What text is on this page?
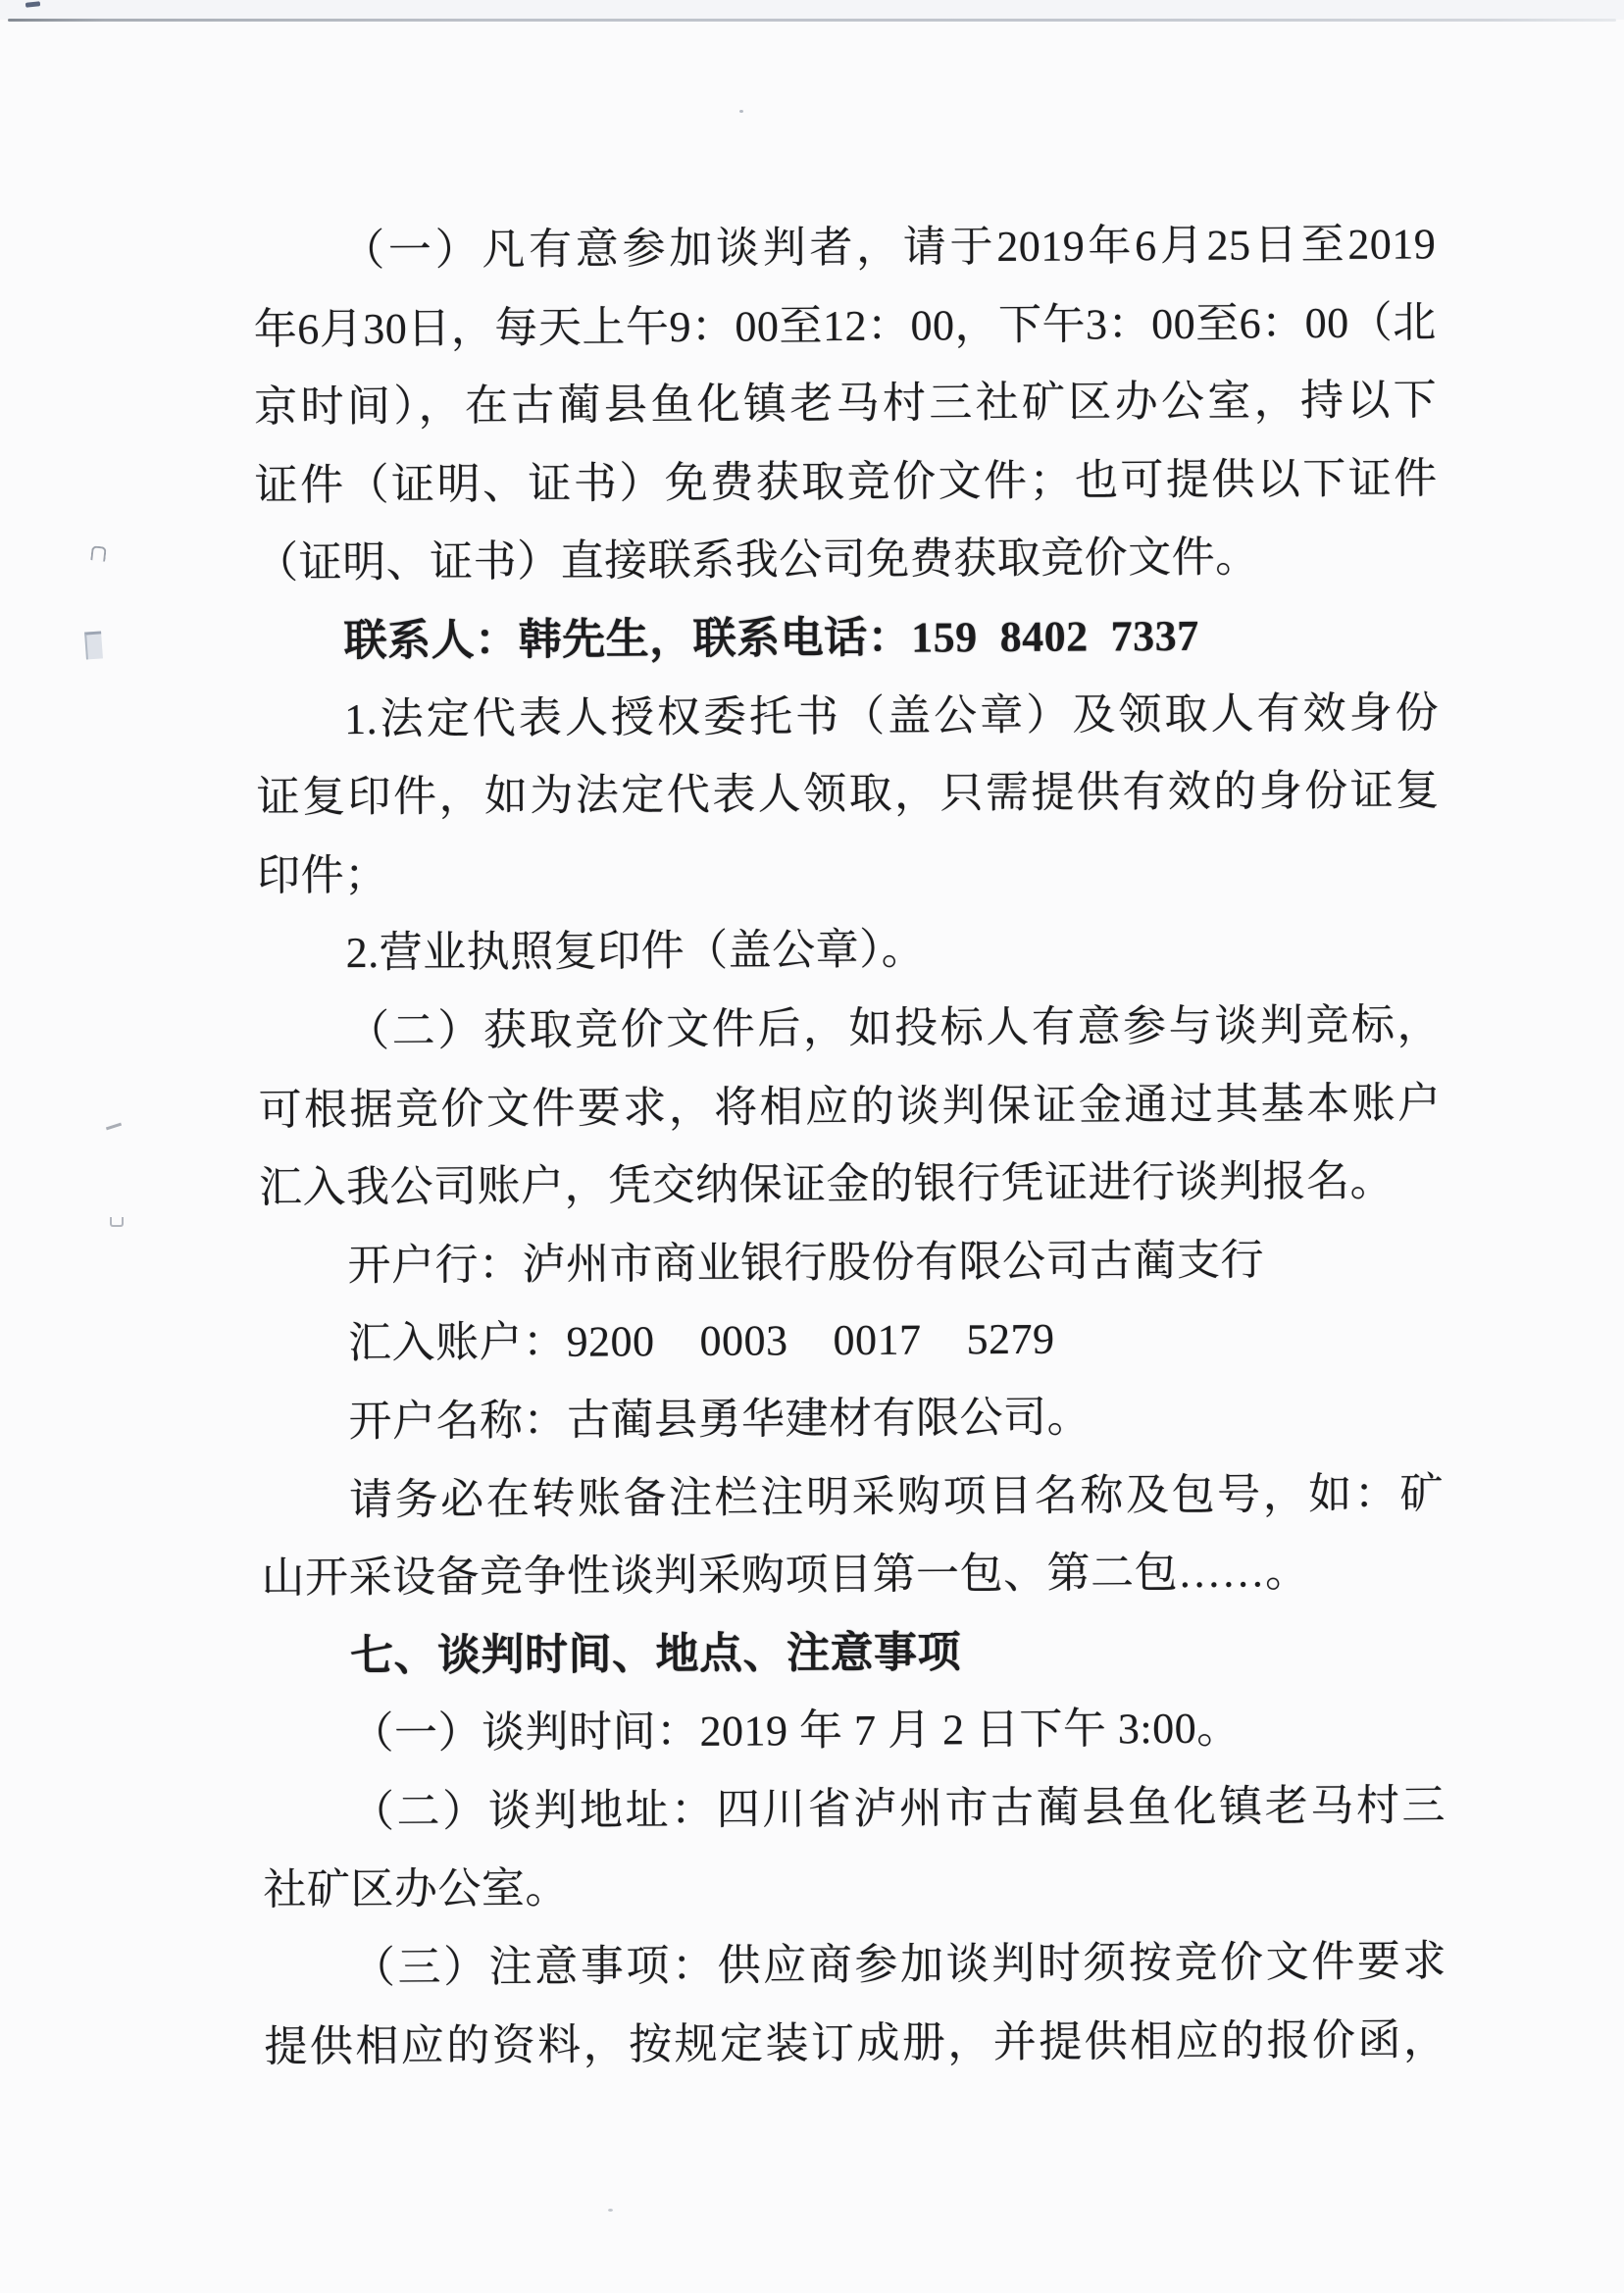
（一）凡有意参加谈判者，请于2019年6月25日至2019
年6月30日，每天上午9：00至12：00，下午3：00至6：00（北
京时间），在古蔺县鱼化镇老马村三社矿区办公室，持以下
证件（证明、证书）免费获取竞价文件；也可提供以下证件
（证明、证书）直接联系我公司免费获取竞价文件。
联系人：韩先生，联系电话：159  8402  7337
1.法定代表人授权委托书（盖公章）及领取人有效身份
证复印件，如为法定代表人领取，只需提供有效的身份证复
印件；
2.营业执照复印件（盖公章）。
（二）获取竞价文件后，如投标人有意参与谈判竞标，
可根据竞价文件要求，将相应的谈判保证金通过其基本账户
汇入我公司账户，凭交纳保证金的银行凭证进行谈判报名。
开户行：泸州市商业银行股份有限公司古蔺支行
汇入账户：9200    0003    0017    5279
开户名称：古蔺县勇华建材有限公司。
请务必在转账备注栏注明采购项目名称及包号，如：矿
山开采设备竞争性谈判采购项目第一包、第二包……。
七、谈判时间、地点、注意事项
（一）谈判时间：2019 年 7 月 2 日下午 3:00。
（二）谈判地址：四川省泸州市古蔺县鱼化镇老马村三
社矿区办公室。
（三）注意事项：供应商参加谈判时须按竞价文件要求
提供相应的资料，按规定装订成册，并提供相应的报价函，
